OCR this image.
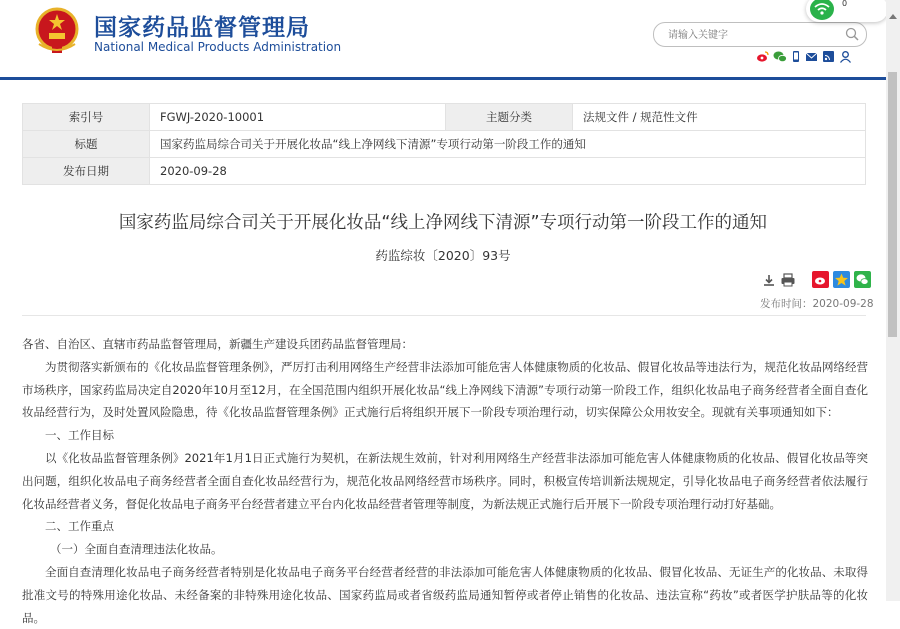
国家药品监督管理局
National Medical Products Administration
请输入关键字
0
索引号	FGWJ-2020-10001	主题分类	法规文件 / 规范性文件
标题	国家药监局综合司关于开展化妆品“线上净网线下清源”专项行动第一阶段工作的通知		
发布日期	2020-09-28		
国家药监局综合司关于开展化妆品“线上净网线下清源”专项行动第一阶段工作的通知
药监综妆〔2020〕93号
发布时间：2020-09-28

各省、自治区、直辖市药品监督管理局，新疆生产建设兵团药品监督管理局：

为贯彻落实新颁布的《化妆品监督管理条例》，严厉打击利用网络生产经营非法添加可能危害人体健康物质的化妆品、假冒化妆品等违法行为，规范化妆品网络经营市场秩序，国家药监局决定自2020年10月至12月，在全国范围内组织开展化妆品“线上净网线下清源”专项行动第一阶段工作，组织化妆品电子商务经营者全面自查化妆品经营行为，及时处置风险隐患，待《化妆品监督管理条例》正式施行后将组织开展下一阶段专项治理行动，切实保障公众用妆安全。现就有关事项通知如下：

一、工作目标

以《化妆品监督管理条例》2021年1月1日正式施行为契机，在新法规生效前，针对利用网络生产经营非法添加可能危害人体健康物质的化妆品、假冒化妆品等突出问题，组织化妆品电子商务经营者全面自查化妆品经营行为，规范化妆品网络经营市场秩序。同时，积极宣传培训新法规规定，引导化妆品电子商务经营者依法履行化妆品经营者义务，督促化妆品电子商务平台经营者建立平台内化妆品经营者管理等制度，为新法规正式施行后开展下一阶段专项治理行动打好基础。

二、工作重点

（一）全面自查清理违法化妆品。

全面自查清理化妆品电子商务经营者特别是化妆品电子商务平台经营者经营的非法添加可能危害人体健康物质的化妆品、假冒化妆品、无证生产的化妆品、未取得批准文号的特殊用途化妆品、未经备案的非特殊用途化妆品、国家药监局或者省级药监局通知暂停或者停止销售的化妆品、违法宣称“药妆”或者医学护肤品等的化妆品。
